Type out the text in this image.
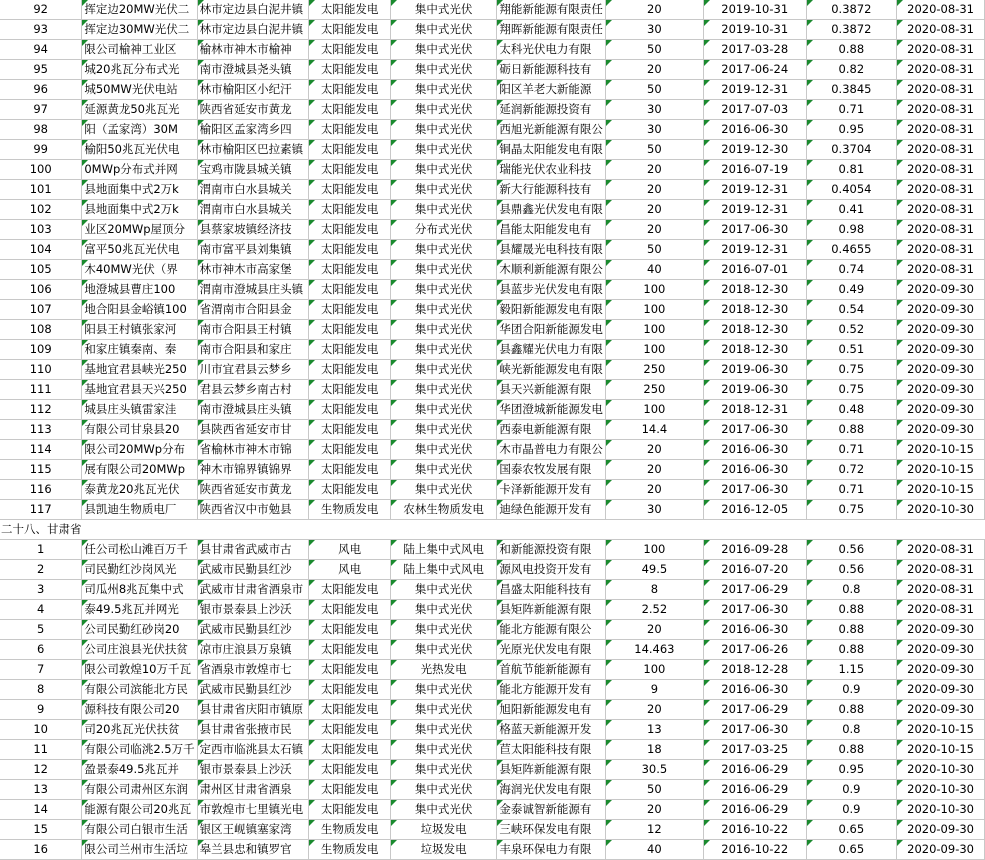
92	挥定边20MW光伏二	林市定边县白泥井镇	太阳能发电	集中式光伏	翔能新能源有限责任	20	2019-10-31	0.3872	2020-08-31
93	挥定边30MW光伏二	林市定边县白泥井镇	太阳能发电	集中式光伏	翔晖新能源有限责任	30	2019-10-31	0.3872	2020-08-31
94	限公司榆神工业区	榆林市神木市榆神	太阳能发电	集中式光伏	太科光伏电力有限	50	2017-03-28	0.88	2020-08-31
95	城20兆瓦分布式光	南市澄城县尧头镇	太阳能发电	集中式光伏	砺日新能源科技有	20	2017-06-24	0.82	2020-08-31
96	城50MW光伏电站	林市榆阳区小纪汗	太阳能发电	集中式光伏	阳区羊老大新能源	50	2019-12-31	0.3845	2020-08-31
97	延源黄龙50兆瓦光	陕西省延安市黄龙	太阳能发电	集中式光伏	延润新能源投资有	30	2017-07-03	0.71	2020-08-31
98	阳（孟家湾）30M	榆阳区孟家湾乡四	太阳能发电	集中式光伏	西旭光新能源有限公	30	2016-06-30	0.95	2020-08-31
99	榆阳50兆瓦光伏电	林市榆阳区巴拉素镇	太阳能发电	集中式光伏	铜晶太阳能发电有限	50	2019-12-30	0.3704	2020-08-31
100	0MWp分布式并网	宝鸡市陇县城关镇	太阳能发电	集中式光伏	瑞能光伏农业科技	20	2016-07-19	0.81	2020-08-31
101	县地面集中式2万k	渭南市白水县城关	太阳能发电	集中式光伏	新大行能源科技有	20	2019-12-31	0.4054	2020-08-31
102	县地面集中式2万k	渭南市白水县城关	太阳能发电	集中式光伏	县鼎鑫光伏发电有限	20	2019-12-31	0.41	2020-08-31
103	业区20MWp屋顶分	县蔡家坡镇经济技	太阳能发电	分布式光伏	昌能太阳能发电有	20	2017-06-30	0.98	2020-08-31
104	富平50兆瓦光伏电	南市富平县刘集镇	太阳能发电	集中式光伏	县耀晟光电科技有限	50	2019-12-31	0.4655	2020-08-31
105	木40MW光伏（界	林市神木市高家堡	太阳能发电	集中式光伏	木顺利新能源有限公	40	2016-07-01	0.74	2020-08-31
106	地澄城县曹庄100	渭南市澄城县庄头镇	太阳能发电	集中式光伏	县蓝步光伏发电有限	100	2018-12-30	0.49	2020-09-30
107	地合阳县金峪镇100	省渭南市合阳县金	太阳能发电	集中式光伏	毅阳新能源发电有限	100	2018-12-30	0.54	2020-09-30
108	阳县王村镇张家河	南市合阳县王村镇	太阳能发电	集中式光伏	华团合阳新能源发电	100	2018-12-30	0.52	2020-09-30
109	和家庄镇秦南、秦	南市合阳县和家庄	太阳能发电	集中式光伏	县鑫耀光伏电力有限	100	2018-12-30	0.51	2020-09-30
110	基地宜君县峡光250	川市宜君县云梦乡	太阳能发电	集中式光伏	峡光新能源发电有限	250	2019-06-30	0.75	2020-09-30
111	基地宜君县天兴250	君县云梦乡南古村	太阳能发电	集中式光伏	县天兴新能源有限	250	2019-06-30	0.75	2020-09-30
112	城县庄头镇雷家洼	南市澄城县庄头镇	太阳能发电	集中式光伏	华团澄城新能源发电	100	2018-12-31	0.48	2020-09-30
113	有限公司甘泉县20	县陕西省延安市甘	太阳能发电	集中式光伏	西泰电新能源有限	14.4	2017-06-30	0.88	2020-09-30
114	限公司20MWp分布	省榆林市神木市锦	太阳能发电	集中式光伏	木市晶普电力有限公	20	2016-06-30	0.71	2020-10-15
115	展有限公司20MWp	神木市锦界镇锦界	太阳能发电	集中式光伏	国泰农牧发展有限	20	2016-06-30	0.72	2020-10-15
116	泰黄龙20兆瓦光伏	陕西省延安市黄龙	太阳能发电	集中式光伏	卡泽新能源开发有	20	2017-06-30	0.71	2020-10-15
117	县凯迪生物质电厂	陕西省汉中市勉县	生物质发电	农林生物质发电	迪绿色能源开发有	30	2016-12-05	0.75	2020-10-30
二十八、甘肃省									
1	任公司松山滩百万千	县甘肃省武威市古	风电	陆上集中式风电	和新能源投资有限	100	2016-09-28	0.56	2020-08-31
2	司民勤红沙岗风光	武威市民勤县红沙	风电	陆上集中式风电	源风电投资开发有	49.5	2016-07-20	0.56	2020-08-31
3	司瓜州8兆瓦集中式	武威市甘肃省酒泉市	太阳能发电	集中式光伏	昌盛太阳能科技有	8	2017-06-29	0.8	2020-08-31
4	泰49.5兆瓦并网光	银市景泰县上沙沃	太阳能发电	集中式光伏	县矩阵新能源有限	2.52	2017-06-30	0.88	2020-08-31
5	公司民勤红砂岗20	武威市民勤县红沙	太阳能发电	集中式光伏	能北方能源有限公	20	2016-06-30	0.88	2020-09-30
6	公司庄浪县光伏扶贫	凉市庄浪县万泉镇	太阳能发电	集中式光伏	光原光伏发电有限	14.463	2017-06-26	0.88	2020-09-30
7	限公司敦煌10万千瓦	省酒泉市敦煌市七	太阳能发电	光热发电	首航节能新能源有	100	2018-12-28	1.15	2020-09-30
8	有限公司滨能北方民	武威市民勤县红沙	太阳能发电	集中式光伏	能北方能源开发有	9	2016-06-30	0.9	2020-09-30
9	源科技有限公司20	县甘肃省庆阳市镇原	太阳能发电	集中式光伏	旭阳新能源发电有	20	2017-06-29	0.88	2020-09-30
10	司20兆瓦光伏扶贫	县甘肃省张掖市民	太阳能发电	集中式光伏	格蓝天新能源开发	13	2017-06-30	0.8	2020-10-15
11	有限公司临洮2.5万千	定西市临洮县太石镇	太阳能发电	集中式光伏	苣太阳能科技有限	18	2017-03-25	0.88	2020-10-15
12	盈景泰49.5兆瓦并	银市景泰县上沙沃	太阳能发电	集中式光伏	县矩阵新能源有限	30.5	2016-06-29	0.95	2020-10-30
13	有限公司肃州区东润	肃州区甘肃省酒泉	太阳能发电	集中式光伏	海润光伏发电有限	50	2016-06-29	0.9	2020-10-30
14	能源有限公司20兆瓦	市敦煌市七里镇光电	太阳能发电	集中式光伏	金泰诚智新能源有	20	2016-06-29	0.9	2020-10-30
15	有限公司白银市生活	银区王岘镇塞家湾	生物质发电	垃圾发电	三峡环保发电有限	12	2016-10-22	0.65	2020-09-30
16	限公司兰州市生活垃	皋兰县忠和镇罗官	生物质发电	垃圾发电	丰泉环保电力有限	40	2016-10-22	0.65	2020-09-30
